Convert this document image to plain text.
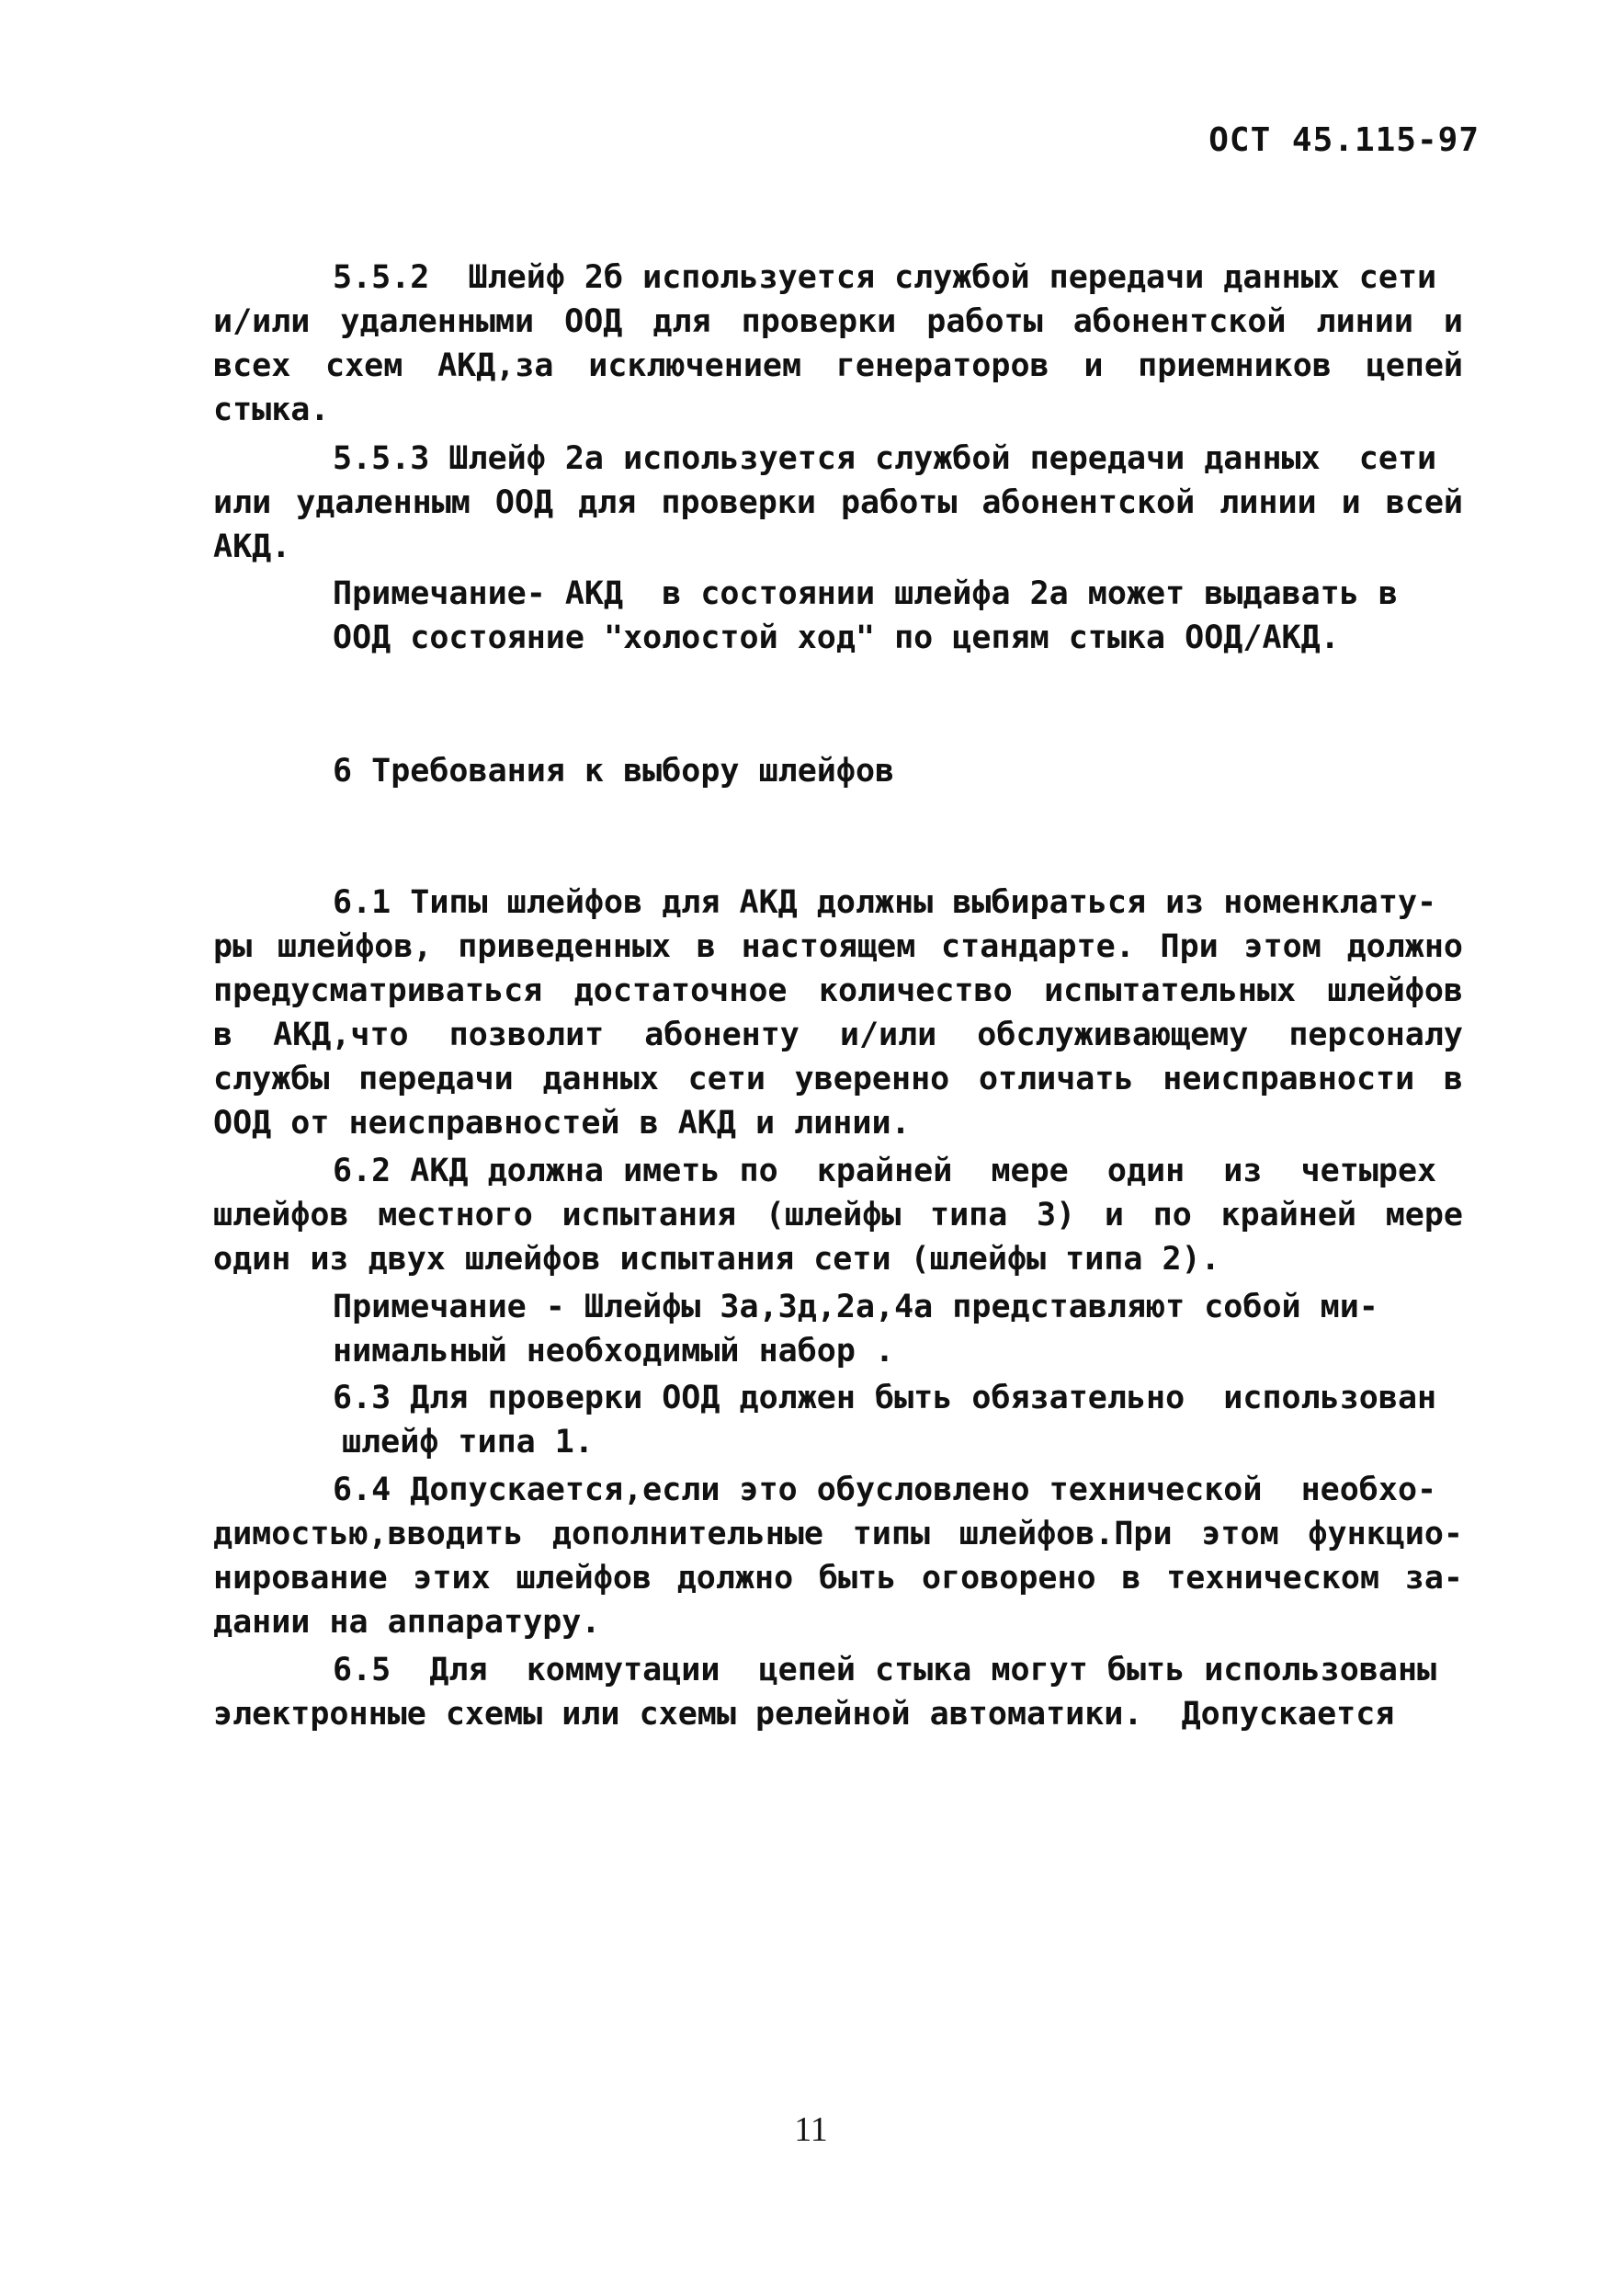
ОСТ 45.115-97
5.5.2  Шлейф 2б используется службой передачи данных сети
и/или удаленными ООД для проверки работы абонентской линии и
всех схем АКД,за исключением генераторов и приемников цепей
стыка.
5.5.3 Шлейф 2а используется службой передачи данных  сети
или удаленным ООД для проверки работы абонентской линии и всей
АКД.
Примечание- АКД  в состоянии шлейфа 2а может выдавать в
ООД состояние "холостой ход" по цепям стыка ООД/АКД.
6 Требования к выбору шлейфов
6.1 Типы шлейфов для АКД должны выбираться из номенклату-
ры шлейфов, приведенных в настоящем стандарте. При этом должно
предусматриваться достаточное количество испытательных шлейфов
в АКД,что позволит абоненту и/или обслуживающему персоналу
службы передачи данных сети уверенно отличать неисправности в
ООД от неисправностей в АКД и линии.
6.2 АКД должна иметь по  крайней  мере  один  из  четырех
шлейфов местного испытания (шлейфы типа 3) и по крайней мере
один из двух шлейфов испытания сети (шлейфы типа 2).
Примечание - Шлейфы 3а,3д,2а,4а представляют собой ми-
нимальный необходимый набор .
6.3 Для проверки ООД должен быть обязательно  использован
шлейф типа 1.
6.4 Допускается,если это обусловлено технической  необхо-
димостью,вводить дополнительные типы шлейфов.При этом функцио-
нирование этих шлейфов должно быть оговорено в техническом за-
дании на аппаратуру.
6.5  Для  коммутации  цепей стыка могут быть использованы
электронные схемы или схемы релейной автоматики.  Допускается
11
